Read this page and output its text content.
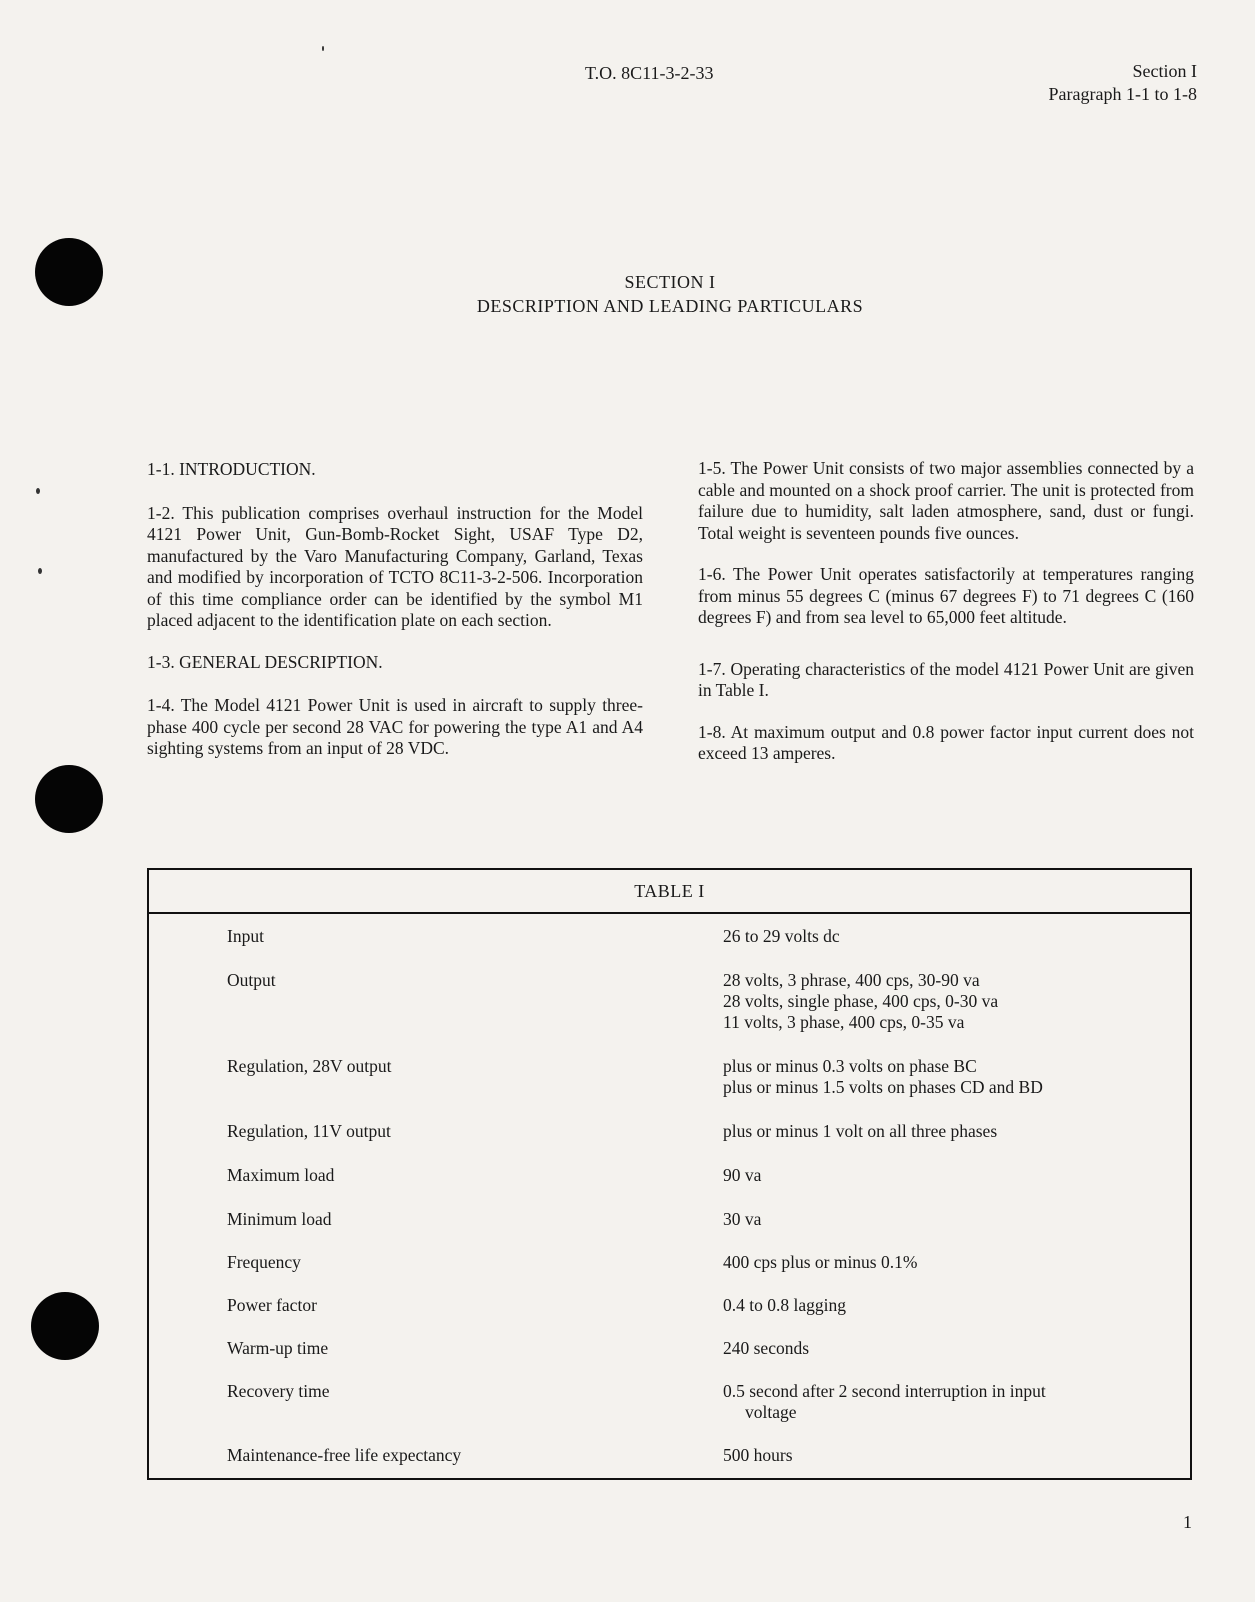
T.O. 8C11-3-2-33	Section I
Paragraph 1-1 to 1-8
SECTION I
DESCRIPTION AND LEADING PARTICULARS

1-1. INTRODUCTION.

1-2. This publication comprises overhaul instruction for the Model 4121 Power Unit, Gun-Bomb-Rocket Sight, USAF Type D2, manufactured by the Varo Manufacturing Company, Garland, Texas and modified by incorporation of TCTO 8C11-3-2-506. Incorporation of this time compliance order can be identified by the symbol M1 placed adjacent to the identification plate on each section.

1-3. GENERAL DESCRIPTION.

1-4. The Model 4121 Power Unit is used in aircraft to supply three-phase 400 cycle per second 28 VAC for powering the type A1 and A4 sighting systems from an input of 28 VDC.

1-5. The Power Unit consists of two major assemblies connected by a cable and mounted on a shock proof carrier. The unit is protected from failure due to humidity, salt laden atmosphere, sand, dust or fungi. Total weight is seventeen pounds five ounces.

1-6. The Power Unit operates satisfactorily at temperatures ranging from minus 55 degrees C (minus 67 degrees F) to 71 degrees C (160 degrees F) and from sea level to 65,000 feet altitude.

1-7. Operating characteristics of the model 4121 Power Unit are given in Table I.

1-8. At maximum output and 0.8 power factor input current does not exceed 13 amperes.

TABLE I
Input	26 to 29 volts dc
Output	28 volts, 3 phrase, 400 cps, 30-90 va
28 volts, single phase, 400 cps, 0-30 va
11 volts, 3 phase, 400 cps, 0-35 va
Regulation, 28V output	plus or minus 0.3 volts on phase BC
plus or minus 1.5 volts on phases CD and BD
Regulation, 11V output	plus or minus 1 volt on all three phases
Maximum load	90 va
Minimum load	30 va
Frequency	400 cps plus or minus 0.1%
Power factor	0.4 to 0.8 lagging
Warm-up time	240 seconds
Recovery time	0.5 second after 2 second interruption in input
voltage
Maintenance-free life expectancy	500 hours
1
